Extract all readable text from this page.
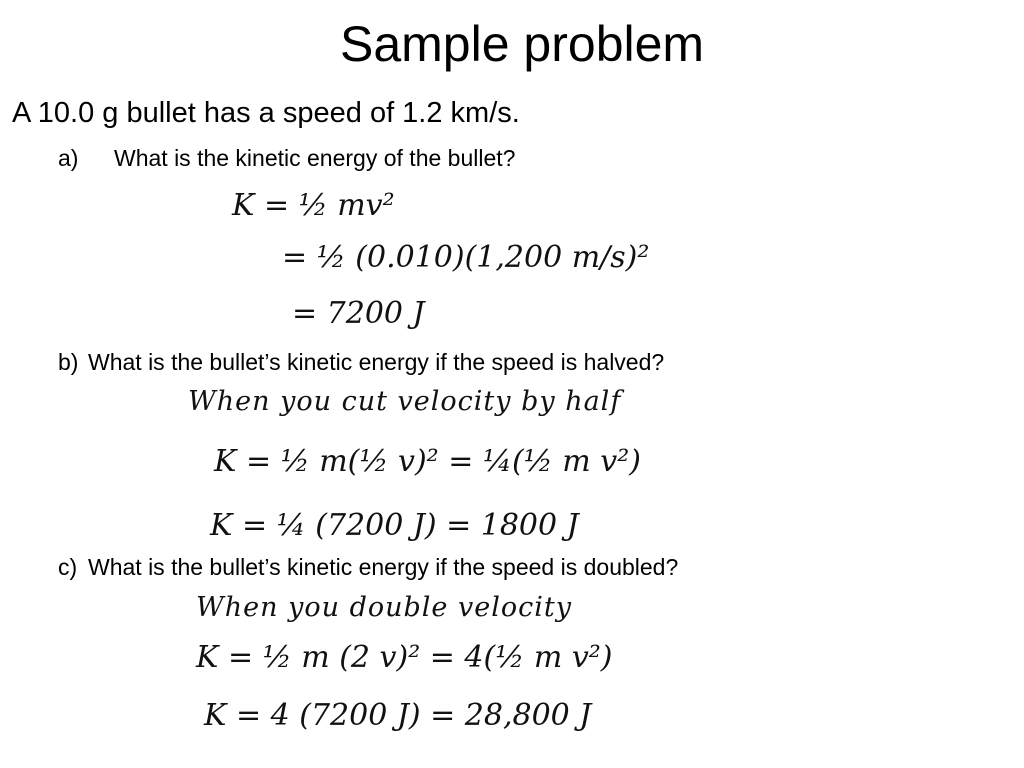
Sample problem
A 10.0 g bullet has a speed of 1.2 km/s.
a) What is the kinetic energy of the bullet?
K = ½ mv²
= ½ (0.010)(1,200 m/s)²
= 7200 J
b) What is the bullet’s kinetic energy if the speed is halved?
When you cut velocity by half
K = ½ m(½ v)² = ¼(½ m v²)
K = ¼ (7200 J) = 1800 J
c) What is the bullet’s kinetic energy if the speed is doubled?
When you double velocity
K = ½ m (2 v)² = 4(½ m v²)
K = 4 (7200 J) = 28,800 J
